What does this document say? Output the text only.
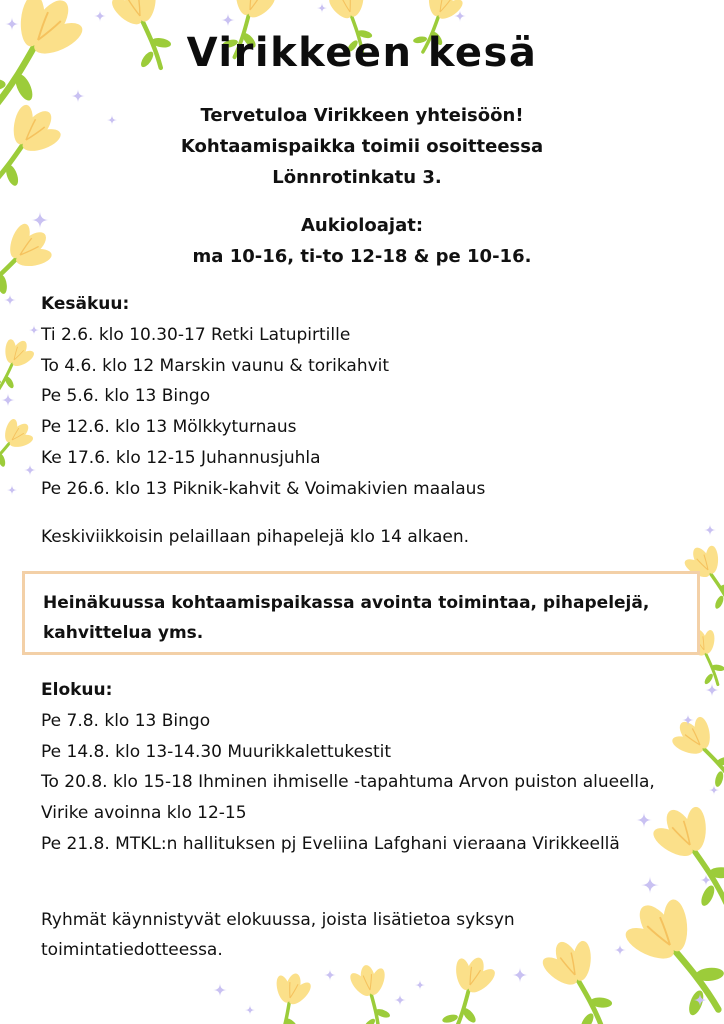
Virikkeen kesä
Tervetuloa Virikkeen yhteisöön!
Kohtaamispaikka toimii osoitteessa
Lönnrotinkatu 3.
Aukioloajat:
ma 10-16, ti-to 12-18 & pe 10-16.
Kesäkuu:
Ti 2.6. klo 10.30-17 Retki Latupirtille
To 4.6. klo 12 Marskin vaunu & torikahvit
Pe 5.6. klo 13 Bingo
Pe 12.6. klo 13 Mölkkyturnaus
Ke 17.6. klo 12-15 Juhannusjuhla
Pe 26.6. klo 13 Piknik-kahvit & Voimakivien maalaus
Keskiviikkoisin pelaillaan pihapelejä klo 14 alkaen.

Heinäkuussa kohtaamispaikassa avointa toimintaa, pihapelejä, kahvittelua yms.

Elokuu:
Pe 7.8. klo 13 Bingo
Pe 14.8. klo 13-14.30 Muurikkalettukestit
To 20.8. klo 15-18 Ihminen ihmiselle -tapahtuma Arvon puiston alueella, Virike avoinna klo 12-15
Pe 21.8. MTKL:n hallituksen pj Eveliina Lafghani vieraana Virikkeellä
Ryhmät käynnistyvät elokuussa, joista lisätietoa syksyn toimintatiedotteessa.
